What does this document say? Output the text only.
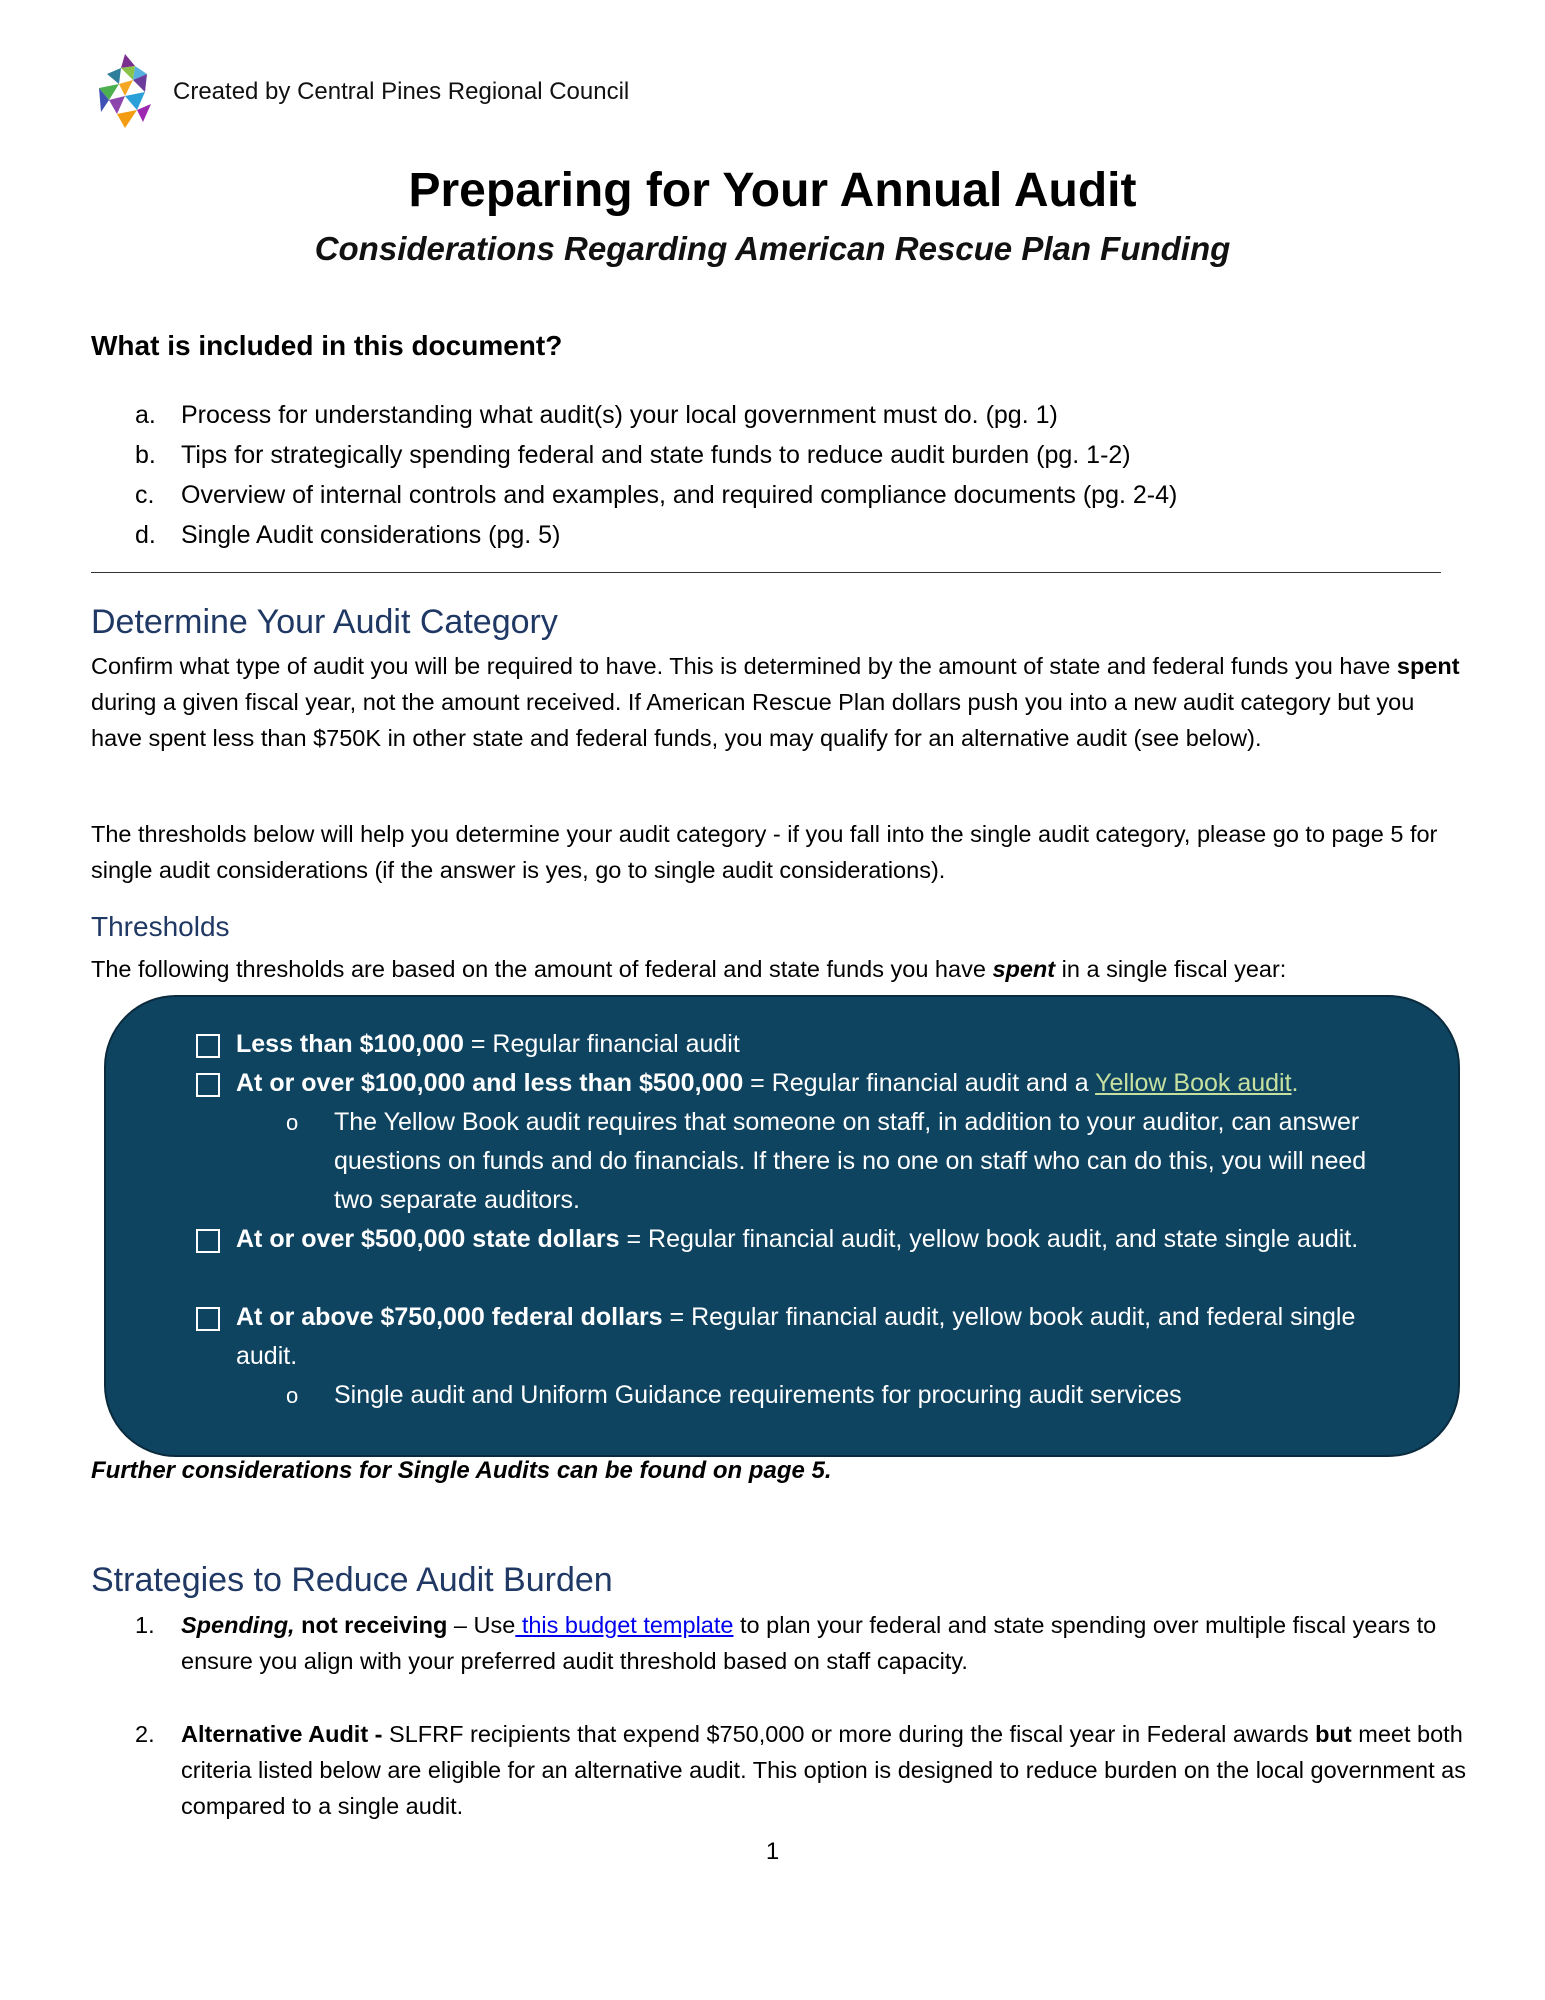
Created by Central Pines Regional Council
Preparing for Your Annual Audit
Considerations Regarding American Rescue Plan Funding
What is included in this document?
a.	Process for understanding what audit(s) your local government must do. (pg. 1)
b.	Tips for strategically spending federal and state funds to reduce audit burden (pg. 1-2)
c.	Overview of internal controls and examples, and required compliance documents (pg. 2-4)
d.	Single Audit considerations (pg. 5)
Determine Your Audit Category
Confirm what type of audit you will be required to have. This is determined by the amount of state and federal funds you have spent during a given fiscal year, not the amount received. If American Rescue Plan dollars push you into a new audit category but you have spent less than $750K in other state and federal funds, you may qualify for an alternative audit (see below).
The thresholds below will help you determine your audit category - if you fall into the single audit category, please go to page 5 for single audit considerations (if the answer is yes, go to single audit considerations).
Thresholds
The following thresholds are based on the amount of federal and state funds you have spent in a single fiscal year:
Less than $100,000 = Regular financial audit
At or over $100,000 and less than $500,000 = Regular financial audit and a Yellow Book audit.
o	The Yellow Book audit requires that someone on staff, in addition to your auditor, can answer questions on funds and do financials. If there is no one on staff who can do this, you will need two separate auditors.
At or over $500,000 state dollars = Regular financial audit, yellow book audit, and state single audit.
At or above $750,000 federal dollars = Regular financial audit, yellow book audit, and federal single audit.
o	Single audit and Uniform Guidance requirements for procuring audit services
Further considerations for Single Audits can be found on page 5.
Strategies to Reduce Audit Burden
1.	Spending, not receiving – Use this budget template to plan your federal and state spending over multiple fiscal years to ensure you align with your preferred audit threshold based on staff capacity.
2.	Alternative Audit - SLFRF recipients that expend $750,000 or more during the fiscal year in Federal awards but meet both criteria listed below are eligible for an alternative audit. This option is designed to reduce burden on the local government as compared to a single audit.
1
